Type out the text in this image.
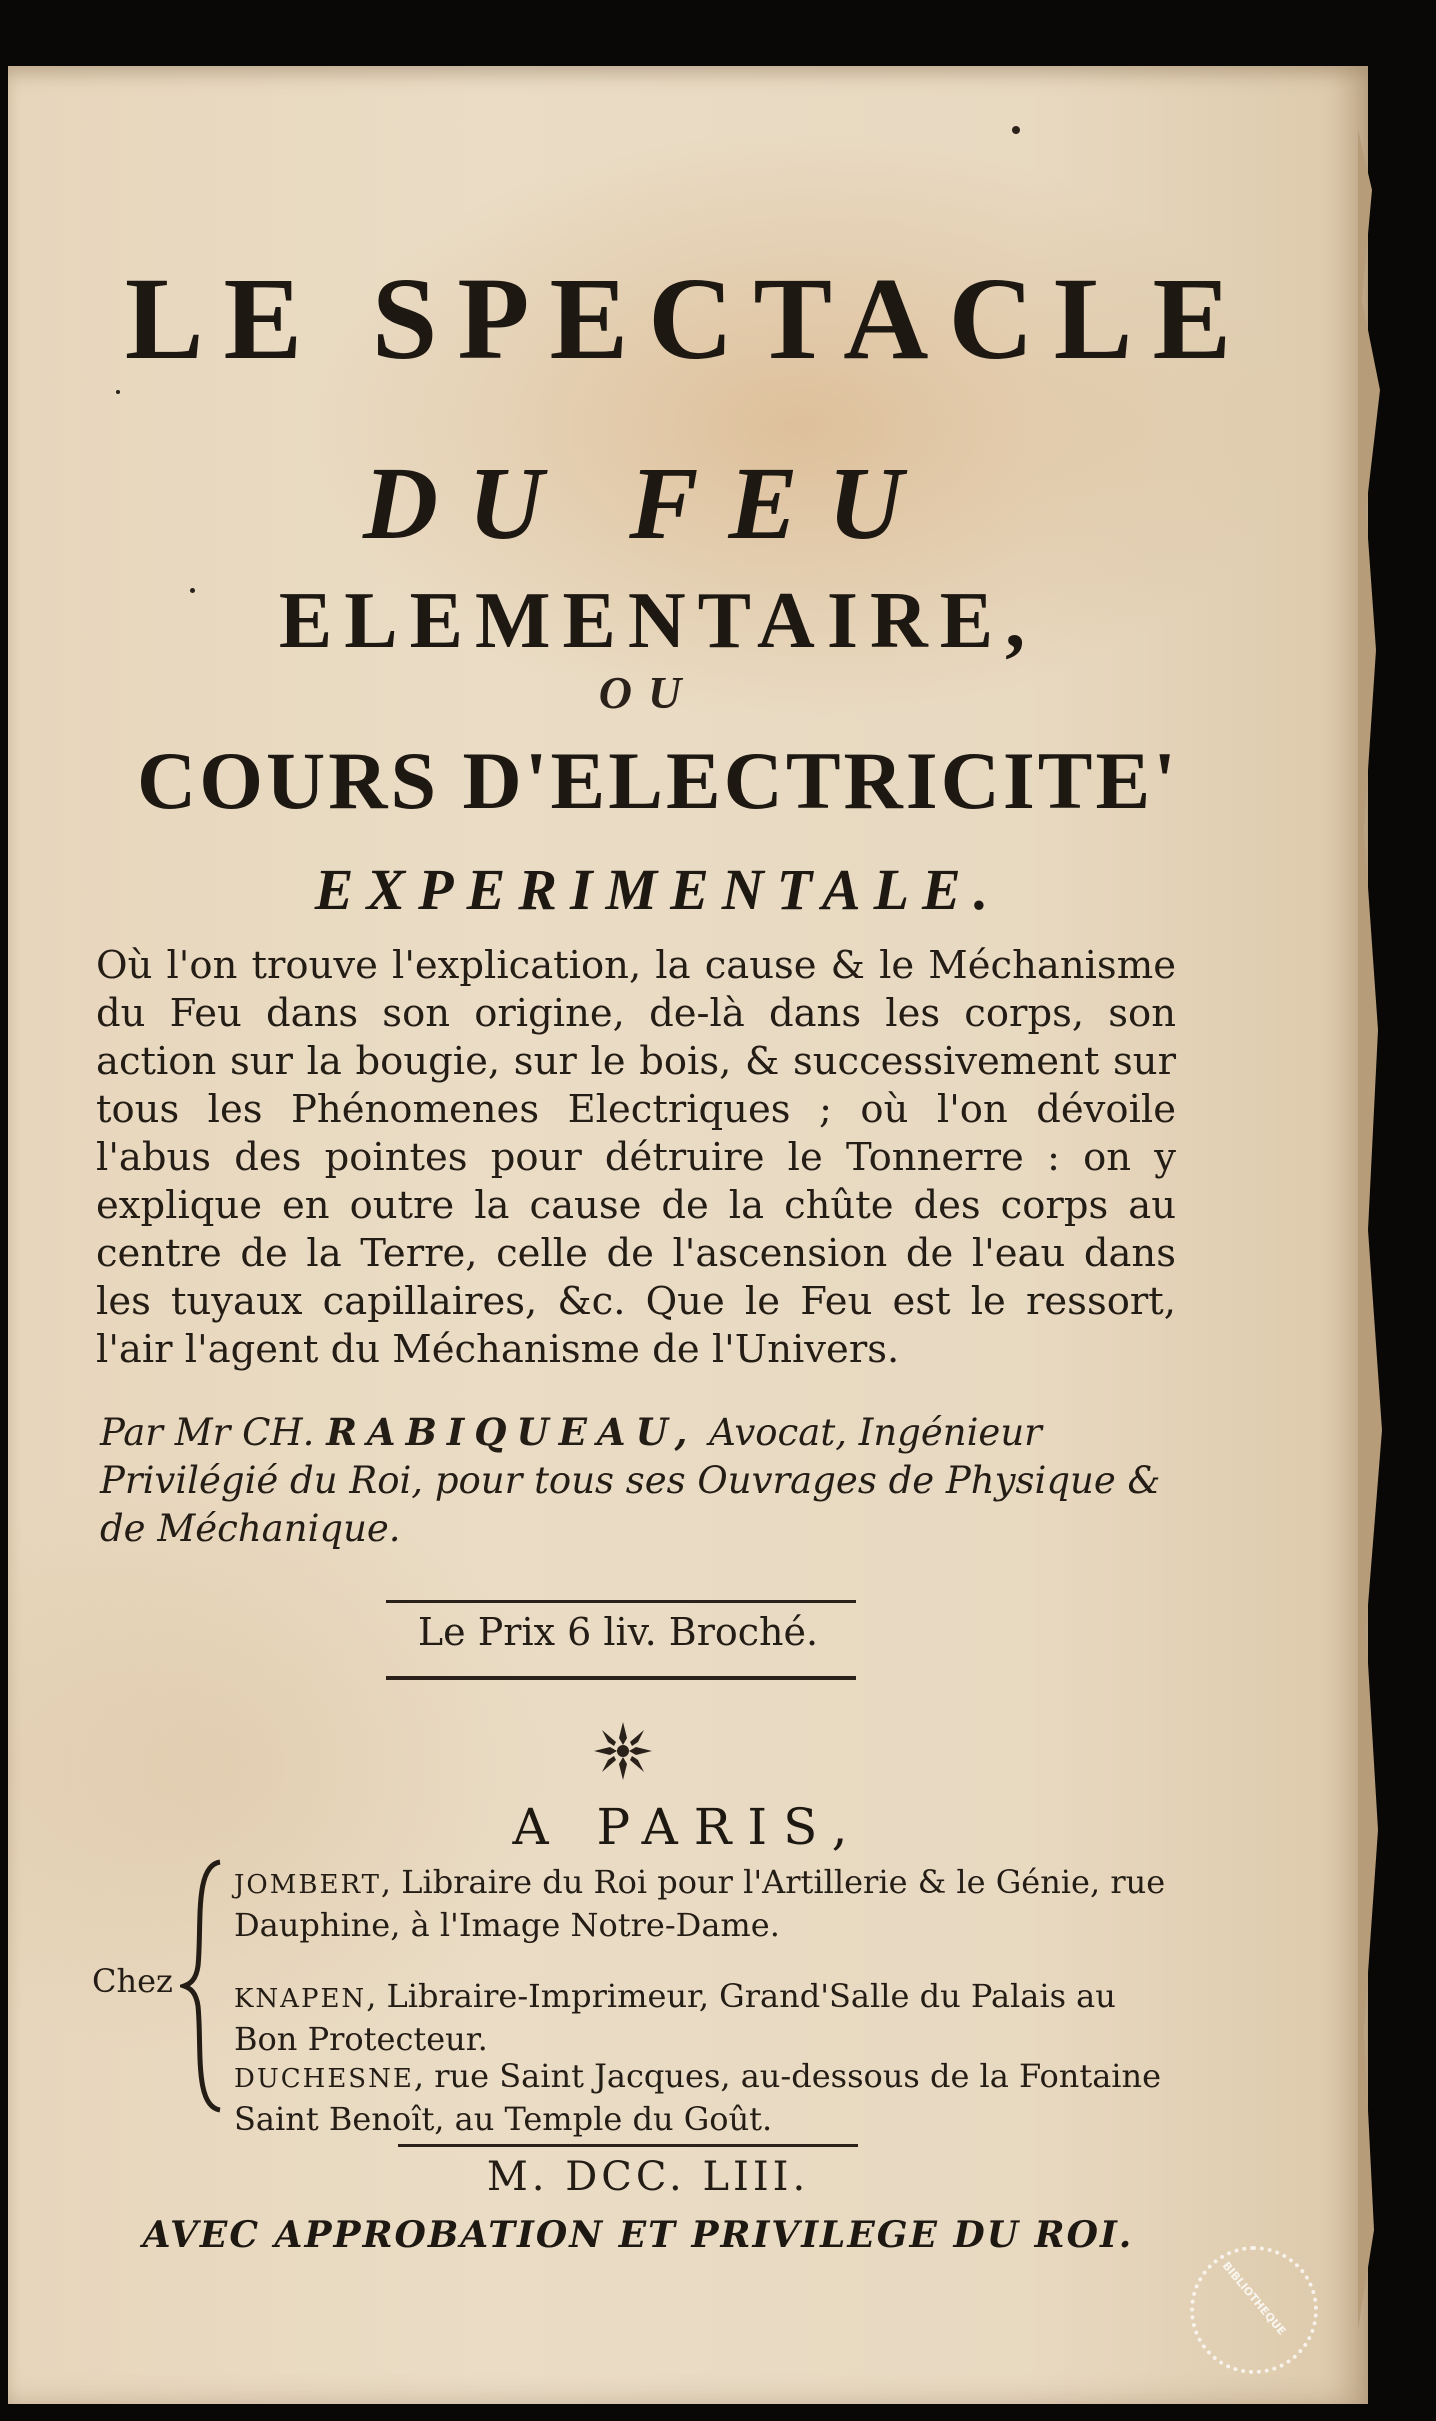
LE SPECTACLE
DU FEU
ELEMENTAIRE,
OU
COURS D'ELECTRICITE'
EXPERIMENTALE.

Où l'on trouve l'explication, la cause & le Méchanisme du Feu dans son origine, de-là dans les corps, son action sur la bougie, sur le bois, & successivement sur tous les Phénomenes Electriques ; où l'on dévoile l'abus des pointes pour détruire le Tonnerre : on y explique en outre la cause de la chûte des corps au centre de la Terre, celle de l'ascension de l'eau dans les tuyaux capillaires, &c. Que le Feu est le ressort, l'air l'agent du Méchanisme de l'Univers.

Par Mr CH. RABIQUEAU, Avocat, Ingénieur Privilégié du Roi, pour tous ses Ouvrages de Physique & de Méchanique.

Le Prix 6 liv. Broché.

A PARIS,

Chez

JOMBERT, Libraire du Roi pour l'Artillerie & le Génie, rue Dauphine, à l'Image Notre-Dame.

KNAPEN, Libraire-Imprimeur, Grand'Salle du Palais au Bon Protecteur.

DUCHESNE, rue Saint Jacques, au-dessous de la Fontaine Saint Benoît, au Temple du Goût.

M. DCC. LIII.

AVEC APPROBATION ET PRIVILEGE DU ROI.

BIBLIOTHEQUE
